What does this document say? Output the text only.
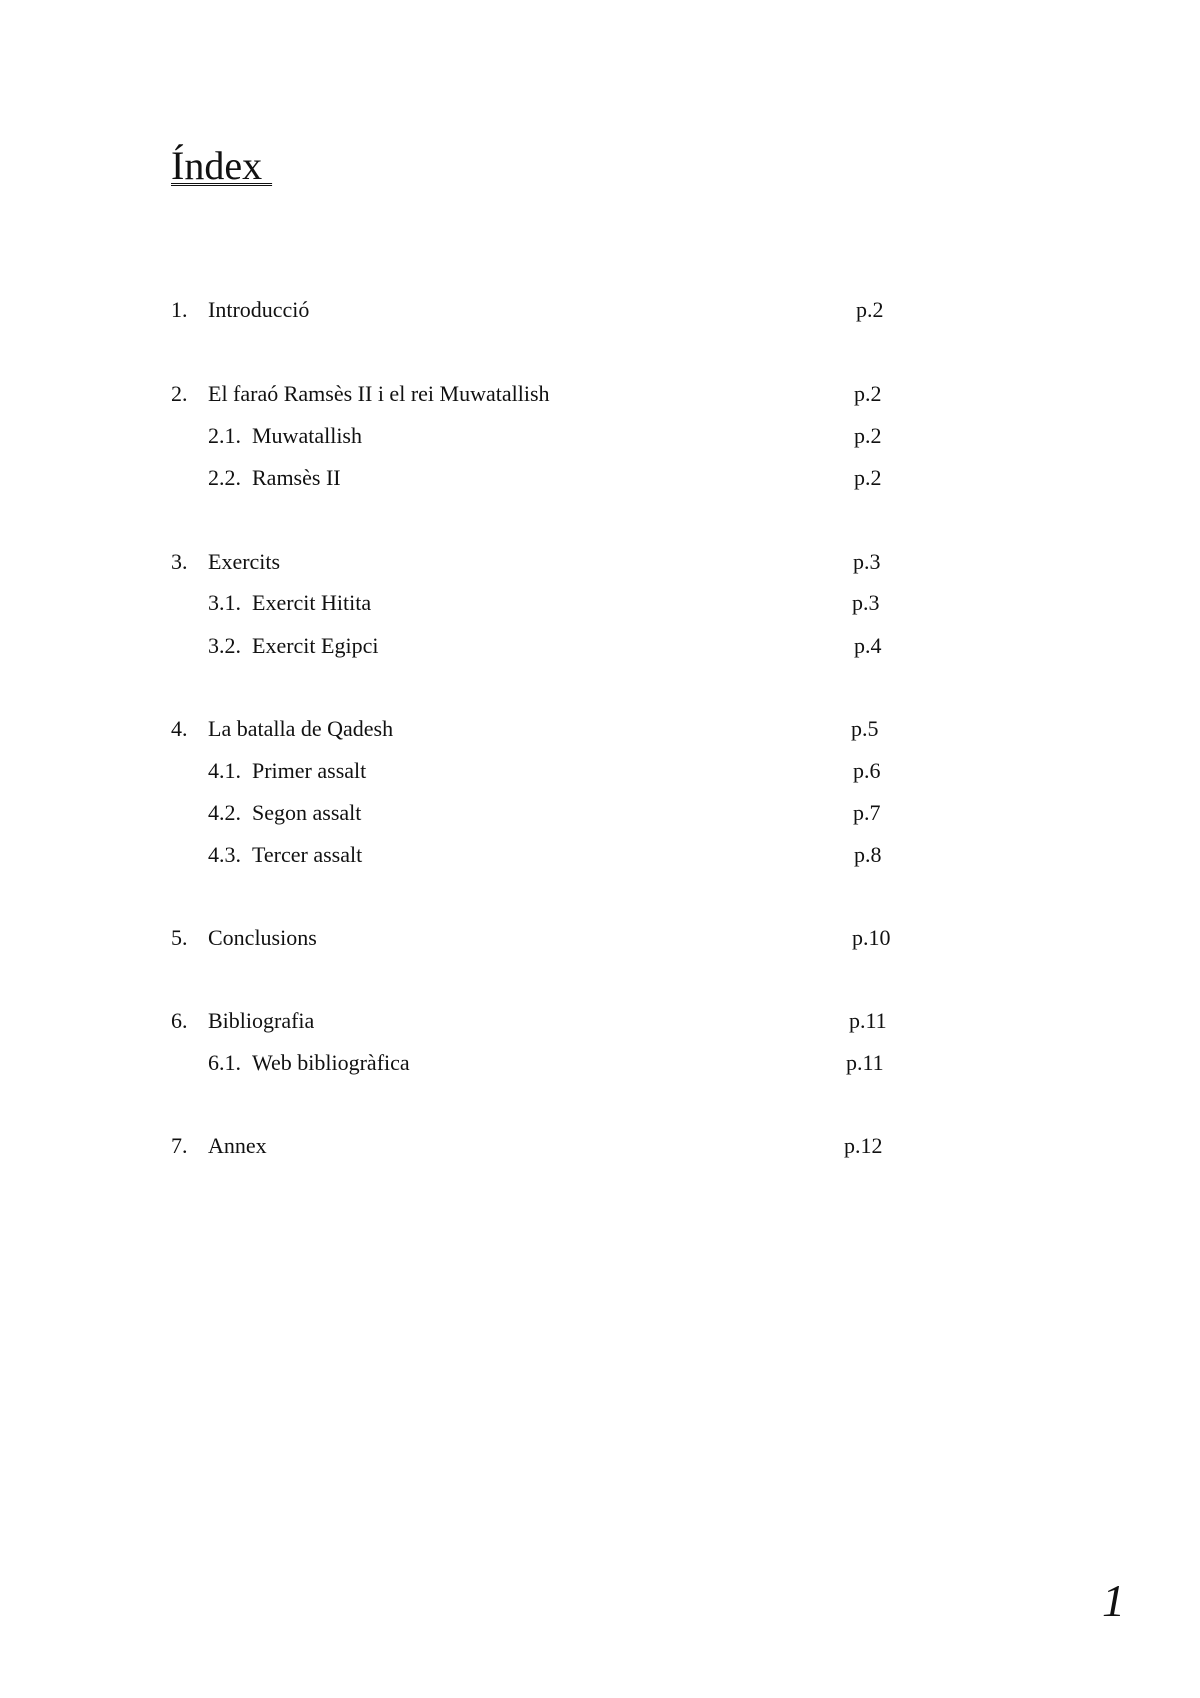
Índex
1. Introducció	p.2
2. El faraó Ramsès II i el rei Muwatallish	p.2
2.1. Muwatallish	p.2
2.2. Ramsès II	p.2
3. Exercits	p.3
3.1. Exercit Hitita	p.3
3.2. Exercit Egipci	p.4
4. La batalla de Qadesh	p.5
4.1. Primer assalt	p.6
4.2. Segon assalt	p.7
4.3. Tercer assalt	p.8
5. Conclusions	p.10
6. Bibliografia	p.11
6.1. Web bibliogràfica	p.11
7. Annex	p.12
1
